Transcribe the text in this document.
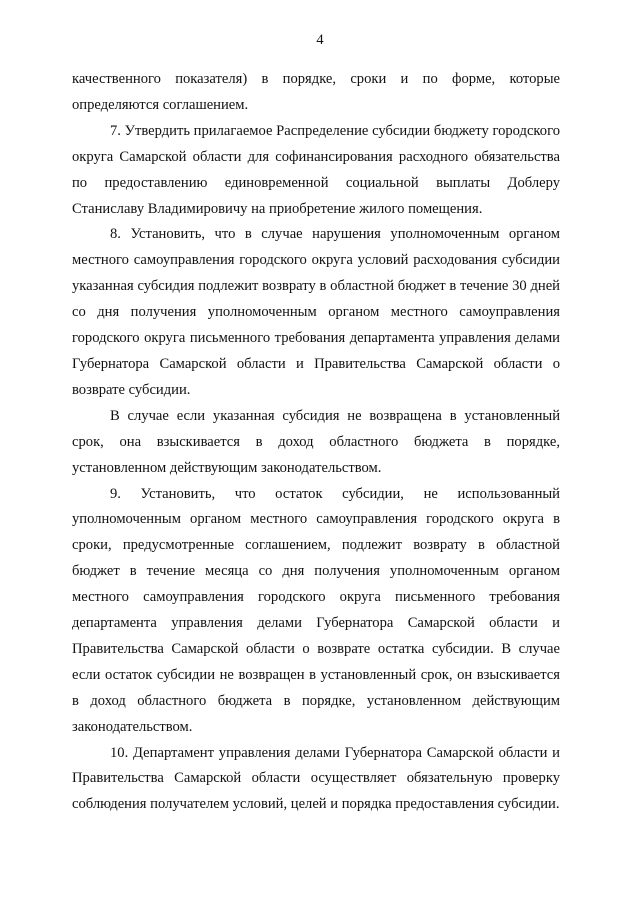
4

качественного показателя) в порядке, сроки и по форме, которые определяются соглашением.

7. Утвердить прилагаемое Распределение субсидии бюджету городского округа Самарской области для софинансирования расходного обязательства по предоставлению единовременной социальной выплаты Доблеру Станиславу Владимировичу на приобретение жилого помещения.

8. Установить, что в случае нарушения уполномоченным органом местного самоуправления городского округа условий расходования субсидии указанная субсидия подлежит возврату в областной бюджет в течение 30 дней со дня получения уполномоченным органом местного самоуправления городского округа письменного требования департамента управления делами Губернатора Самарской области и Правительства Самарской области о возврате субсидии.

В случае если указанная субсидия не возвращена в установленный срок, она взыскивается в доход областного бюджета в порядке, установленном действующим законодательством.

9. Установить, что остаток субсидии, не использованный уполномоченным органом местного самоуправления городского округа в сроки, предусмотренные соглашением, подлежит возврату в областной бюджет в течение месяца со дня получения уполномоченным органом местного самоуправления городского округа письменного требования департамента управления делами Губернатора Самарской области и Правительства Самарской области о возврате остатка субсидии. В случае если остаток субсидии не возвращен в установленный срок, он взыскивается в доход областного бюджета в порядке, установленном действующим законодательством.

10. Департамент управления делами Губернатора Самарской области и Правительства Самарской области осуществляет обязательную проверку соблюдения получателем условий, целей и порядка предоставления субсидии.
